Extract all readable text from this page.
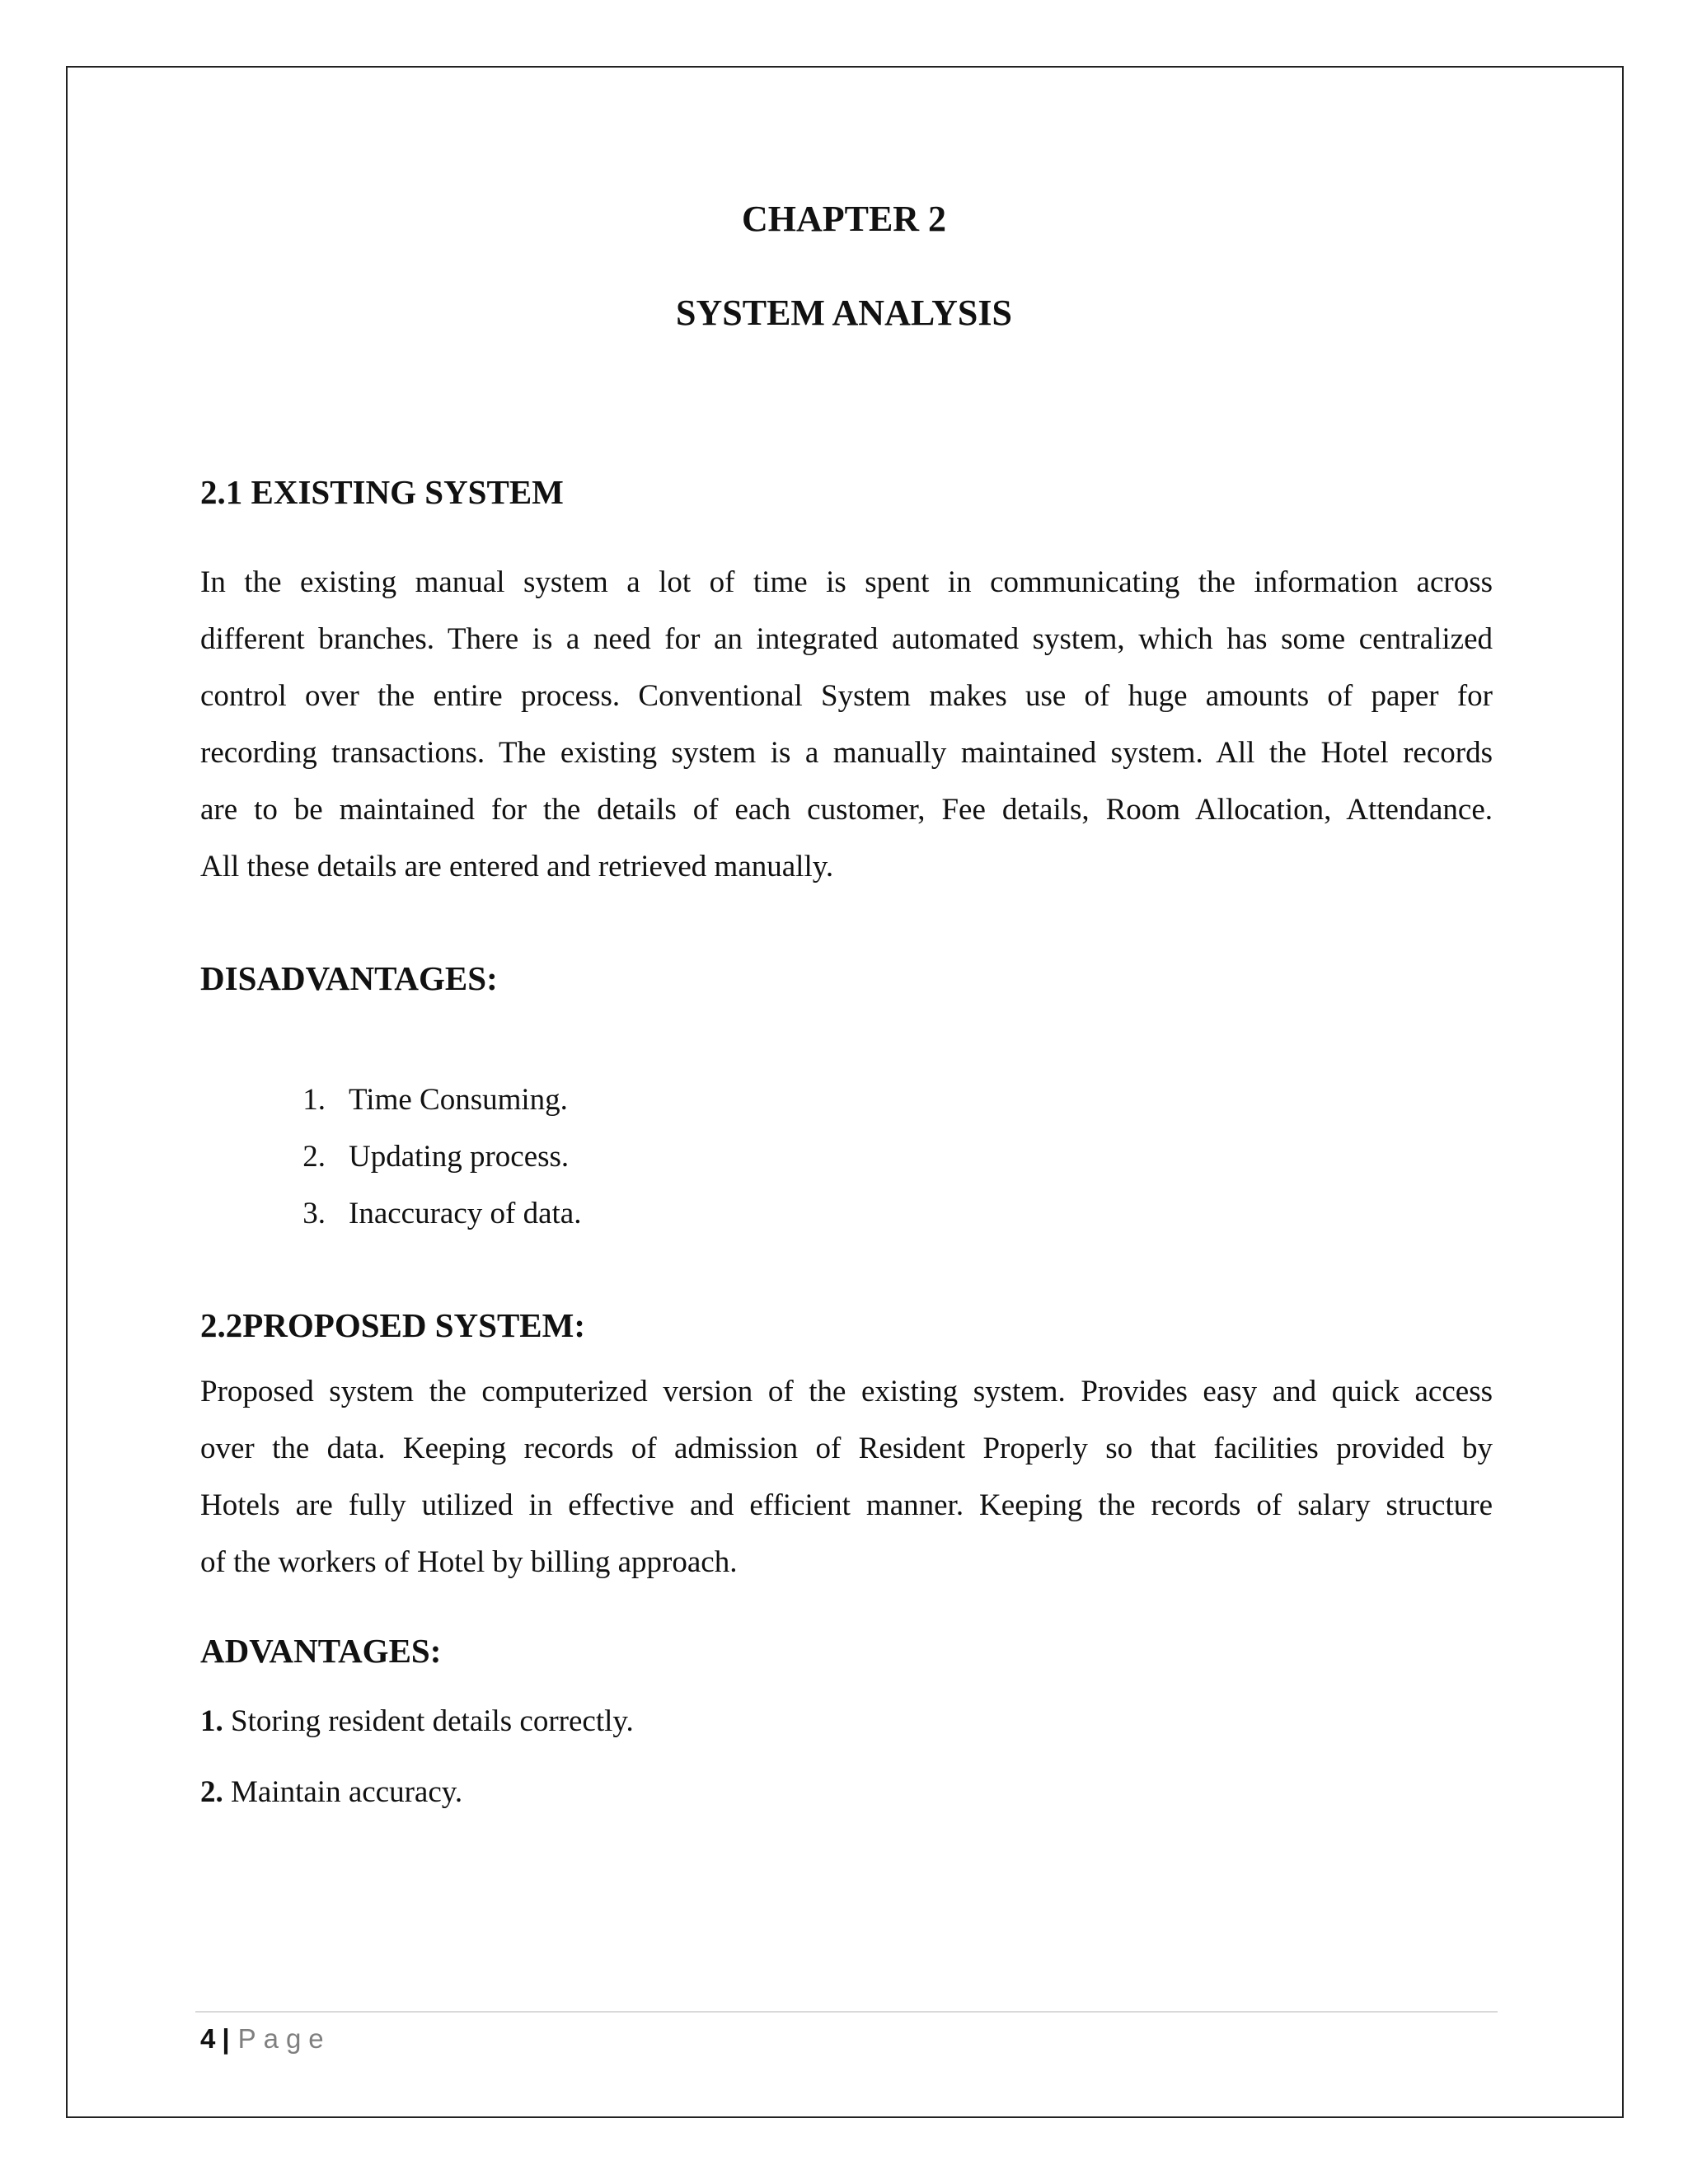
CHAPTER 2
SYSTEM ANALYSIS
2.1 EXISTING SYSTEM

In the existing manual system a lot of time is spent in communicating the information across
different branches. There is a need for an integrated automated system, which has some centralized
control over the entire process. Conventional System makes use of huge amounts of paper for
recording transactions. The existing system is a manually maintained system. All the Hotel records
are to be maintained for the details of each customer, Fee details, Room Allocation, Attendance.
All these details are entered and retrieved manually.

DISADVANTAGES:
1. Time Consuming.
2. Updating process.
3. Inaccuracy of data.
2.2PROPOSED SYSTEM:

Proposed system the computerized version of the existing system. Provides easy and quick access
over the data. Keeping records of admission of Resident Properly so that facilities provided by
Hotels are fully utilized in effective and efficient manner. Keeping the records of salary structure
of the workers of Hotel by billing approach.

ADVANTAGES:
1. Storing resident details correctly.
2. Maintain accuracy.
4 | Page
